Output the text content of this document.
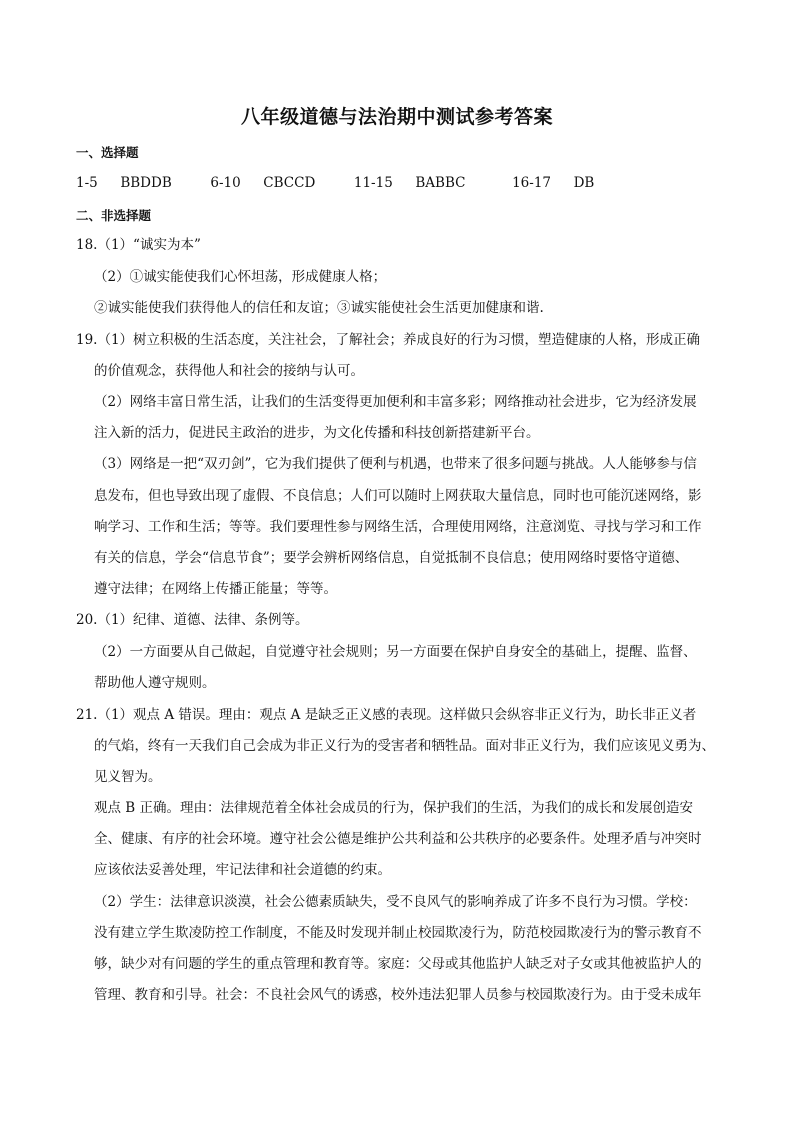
八年级道德与法治期中测试参考答案
一、选择题
1-5 BBDDB	6-10 CBCCD	11-15 BABBC	16-17 DB
二、非选择题
18.（1）“诚实为本”
（2）①诚实能使我们心怀坦荡，形成健康人格；
②诚实能使我们获得他人的信任和友谊；③诚实能使社会生活更加健康和谐.
19.（1）树立积极的生活态度，关注社会，了解社会；养成良好的行为习惯，塑造健康的人格，形成正确
的价值观念，获得他人和社会的接纳与认可。
（2）网络丰富日常生活，让我们的生活变得更加便利和丰富多彩；网络推动社会进步，它为经济发展
注入新的活力，促进民主政治的进步，为文化传播和科技创新搭建新平台。
（3）网络是一把“双刃剑”，它为我们提供了便利与机遇，也带来了很多问题与挑战。人人能够参与信
息发布，但也导致出现了虚假、不良信息；人们可以随时上网获取大量信息，同时也可能沉迷网络，影
响学习、工作和生活；等等。我们要理性参与网络生活，合理使用网络，注意浏览、寻找与学习和工作
有关的信息，学会“信息节食”；要学会辨析网络信息，自觉抵制不良信息；使用网络时要恪守道德、
遵守法律；在网络上传播正能量；等等。
20.（1）纪律、道德、法律、条例等。
（2）一方面要从自己做起，自觉遵守社会规则；另一方面要在保护自身安全的基础上，提醒、监督、
帮助他人遵守规则。
21.（1）观点 A 错误。理由：观点 A 是缺乏正义感的表现。这样做只会纵容非正义行为，助长非正义者
的气焰，终有一天我们自己会成为非正义行为的受害者和牺牲品。面对非正义行为，我们应该见义勇为、
见义智为。
观点 B 正确。理由：法律规范着全体社会成员的行为，保护我们的生活，为我们的成长和发展创造安
全、健康、有序的社会环境。遵守社会公德是维护公共利益和公共秩序的必要条件。处理矛盾与冲突时
应该依法妥善处理，牢记法律和社会道德的约束。
（2）学生：法律意识淡漠，社会公德素质缺失，受不良风气的影响养成了许多不良行为习惯。学校：
没有建立学生欺凌防控工作制度，不能及时发现并制止校园欺凌行为，防范校园欺凌行为的警示教育不
够，缺少对有问题的学生的重点管理和教育等。家庭：父母或其他监护人缺乏对子女或其他被监护人的
管理、教育和引导。社会：不良社会风气的诱惑，校外违法犯罪人员参与校园欺凌行为。由于受未成年
